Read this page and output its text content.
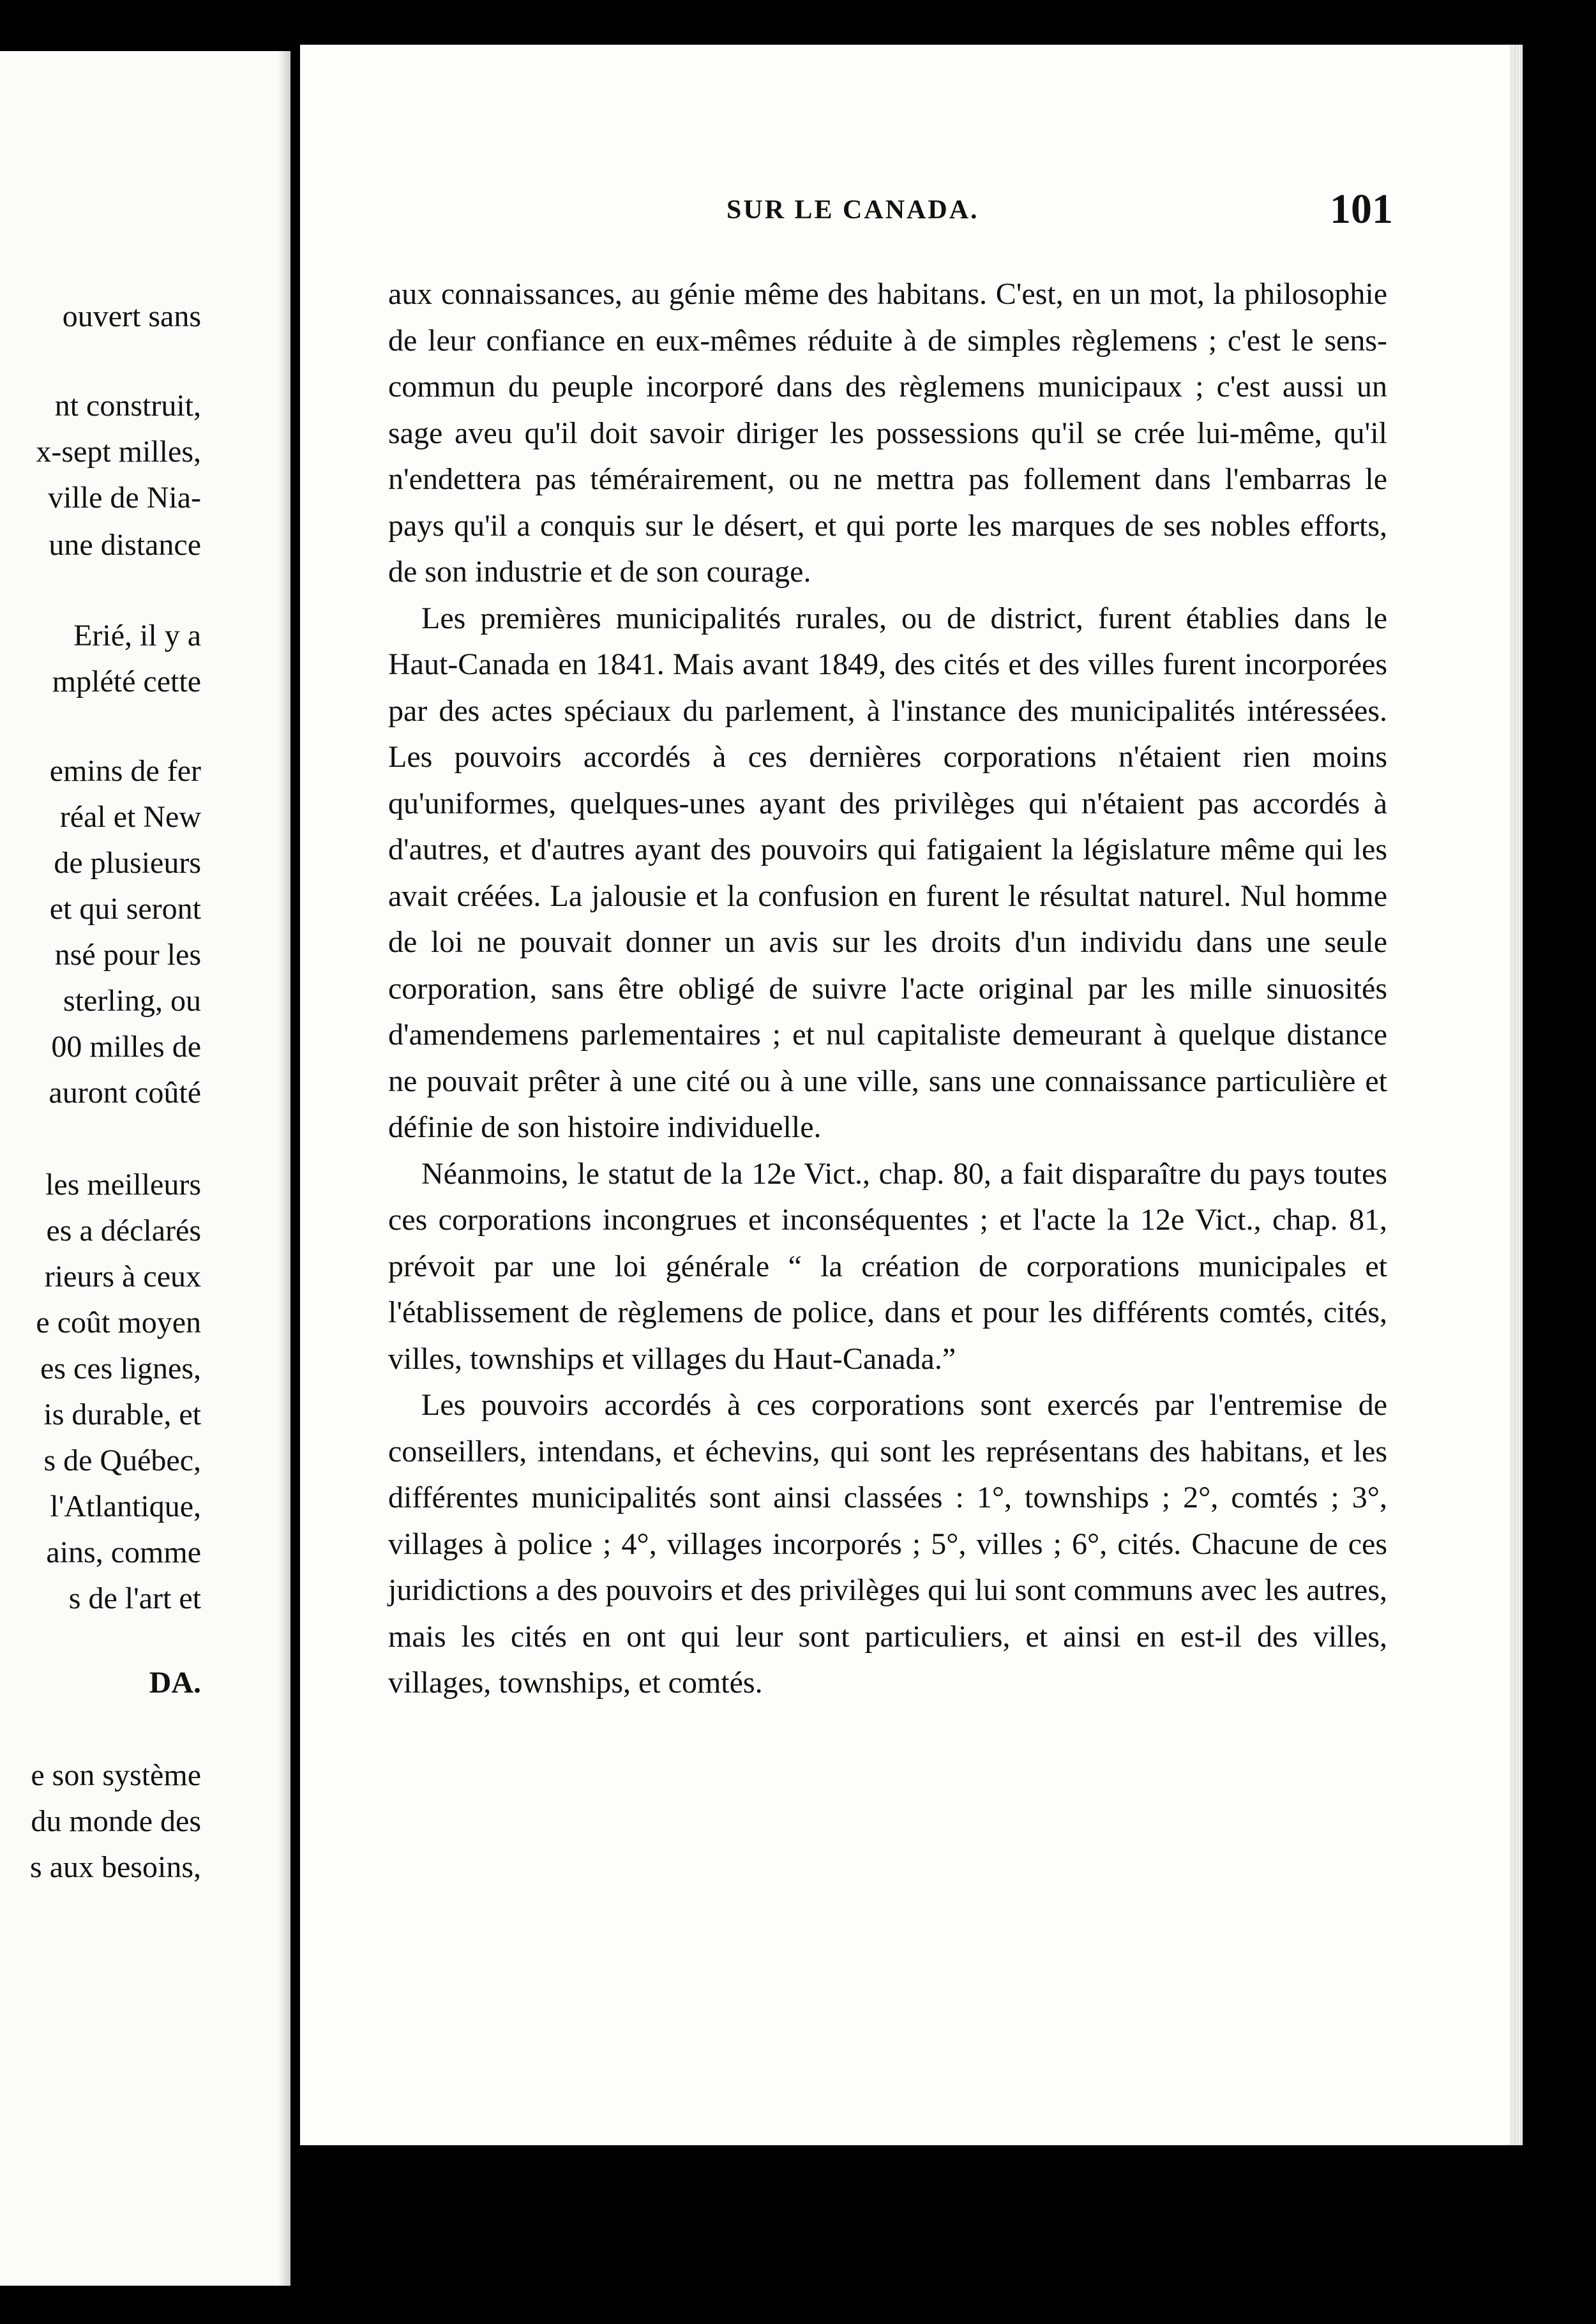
ouvert sans
nt construit,
x-sept milles,
ville de Nia-
une distance
Erié, il y a
mplété cette
emins de fer
réal et New
de plusieurs
et qui seront
nsé pour les
sterling, ou
00 milles de
auront coûté
les meilleurs
es a déclarés
rieurs à ceux
e coût moyen
es ces lignes,
is durable, et
s de Québec,
l'Atlantique,
ains, comme
s de l'art et
DA.
e son système
du monde des
s aux besoins,
SUR LE CANADA.	101

aux connaissances, au génie même des habitans. C'est, en un mot, la philosophie de leur confiance en eux-mêmes réduite à de simples règlemens ; c'est le sens-commun du peuple incorporé dans des règlemens municipaux ; c'est aussi un sage aveu qu'il doit savoir diriger les possessions qu'il se crée lui-même, qu'il n'endettera pas témérairement, ou ne mettra pas follement dans l'embarras le pays qu'il a conquis sur le désert, et qui porte les marques de ses nobles efforts, de son industrie et de son courage.

Les premières municipalités rurales, ou de district, furent établies dans le Haut-Canada en 1841. Mais avant 1849, des cités et des villes furent incorporées par des actes spéciaux du parlement, à l'instance des municipalités intéressées. Les pouvoirs accordés à ces dernières corporations n'étaient rien moins qu'uniformes, quelques-unes ayant des privilèges qui n'étaient pas accordés à d'autres, et d'autres ayant des pouvoirs qui fatigaient la législature même qui les avait créées. La jalousie et la confusion en furent le résultat naturel. Nul homme de loi ne pouvait donner un avis sur les droits d'un individu dans une seule corporation, sans être obligé de suivre l'acte original par les mille sinuosités d'amendemens parlementaires ; et nul capitaliste demeurant à quelque distance ne pouvait prêter à une cité ou à une ville, sans une connaissance particulière et définie de son histoire individuelle.

Néanmoins, le statut de la 12e Vict., chap. 80, a fait disparaître du pays toutes ces corporations incongrues et inconséquentes ; et l'acte la 12e Vict., chap. 81, prévoit par une loi générale “ la création de corporations municipales et l'établissement de règlemens de police, dans et pour les différents comtés, cités, villes, townships et villages du Haut-Canada.”

Les pouvoirs accordés à ces corporations sont exercés par l'entremise de conseillers, intendans, et échevins, qui sont les représentans des habitans, et les différentes municipalités sont ainsi classées : 1°, townships ; 2°, comtés ; 3°, villages à police ; 4°, villages incorporés ; 5°, villes ; 6°, cités. Chacune de ces juridictions a des pouvoirs et des privilèges qui lui sont communs avec les autres, mais les cités en ont qui leur sont particuliers, et ainsi en est-il des villes, villages, townships, et comtés.
